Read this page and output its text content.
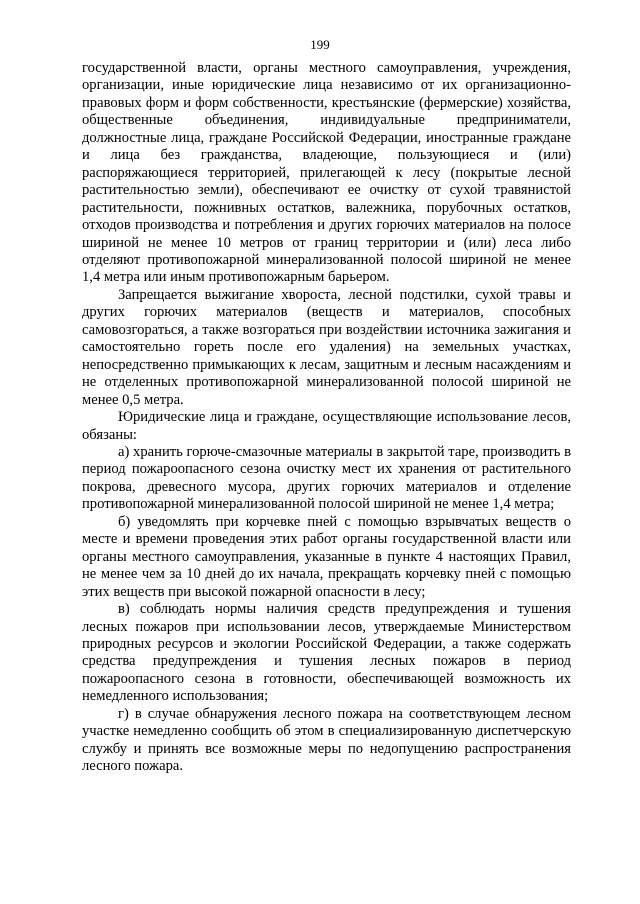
199

государственной власти, органы местного самоуправления, учреждения, организации, иные юридические лица независимо от их организационно-правовых форм и форм собственности, крестьянские (фермерские) хозяйства, общественные объединения, индивидуальные предприниматели, должностные лица, граждане Российской Федерации, иностранные граждане и лица без гражданства, владеющие, пользующиеся и (или) распоряжающиеся территорией, прилегающей к лесу (покрытые лесной растительностью земли), обеспечивают ее очистку от сухой травянистой растительности, пожнивных остатков, валежника, порубочных остатков, отходов производства и потребления и других горючих материалов на полосе шириной не менее 10 метров от границ территории и (или) леса либо отделяют противопожарной минерализованной полосой шириной не менее 1,4 метра или иным противопожарным барьером.

Запрещается выжигание хвороста, лесной подстилки, сухой травы и других горючих материалов (веществ и материалов, способных самовозгораться, а также возгораться при воздействии источника зажигания и самостоятельно гореть после его удаления) на земельных участках, непосредственно примыкающих к лесам, защитным и лесным насаждениям и не отделенных противопожарной минерализованной полосой шириной не менее 0,5 метра.

Юридические лица и граждане, осуществляющие использование лесов, обязаны:

а) хранить горюче-смазочные материалы в закрытой таре, производить в период пожароопасного сезона очистку мест их хранения от растительного покрова, древесного мусора, других горючих материалов и отделение противопожарной минерализованной полосой шириной не менее 1,4 метра;

б) уведомлять при корчевке пней с помощью взрывчатых веществ о месте и времени проведения этих работ органы государственной власти или органы местного самоуправления, указанные в пункте 4 настоящих Правил, не менее чем за 10 дней до их начала, прекращать корчевку пней с помощью этих веществ при высокой пожарной опасности в лесу;

в) соблюдать нормы наличия средств предупреждения и тушения лесных пожаров при использовании лесов, утверждаемые Министерством природных ресурсов и экологии Российской Федерации, а также содержать средства предупреждения и тушения лесных пожаров в период пожароопасного сезона в готовности, обеспечивающей возможность их немедленного использования;

г) в случае обнаружения лесного пожара на соответствующем лесном участке немедленно сообщить об этом в специализированную диспетчерскую службу и принять все возможные меры по недопущению распространения лесного пожара.
